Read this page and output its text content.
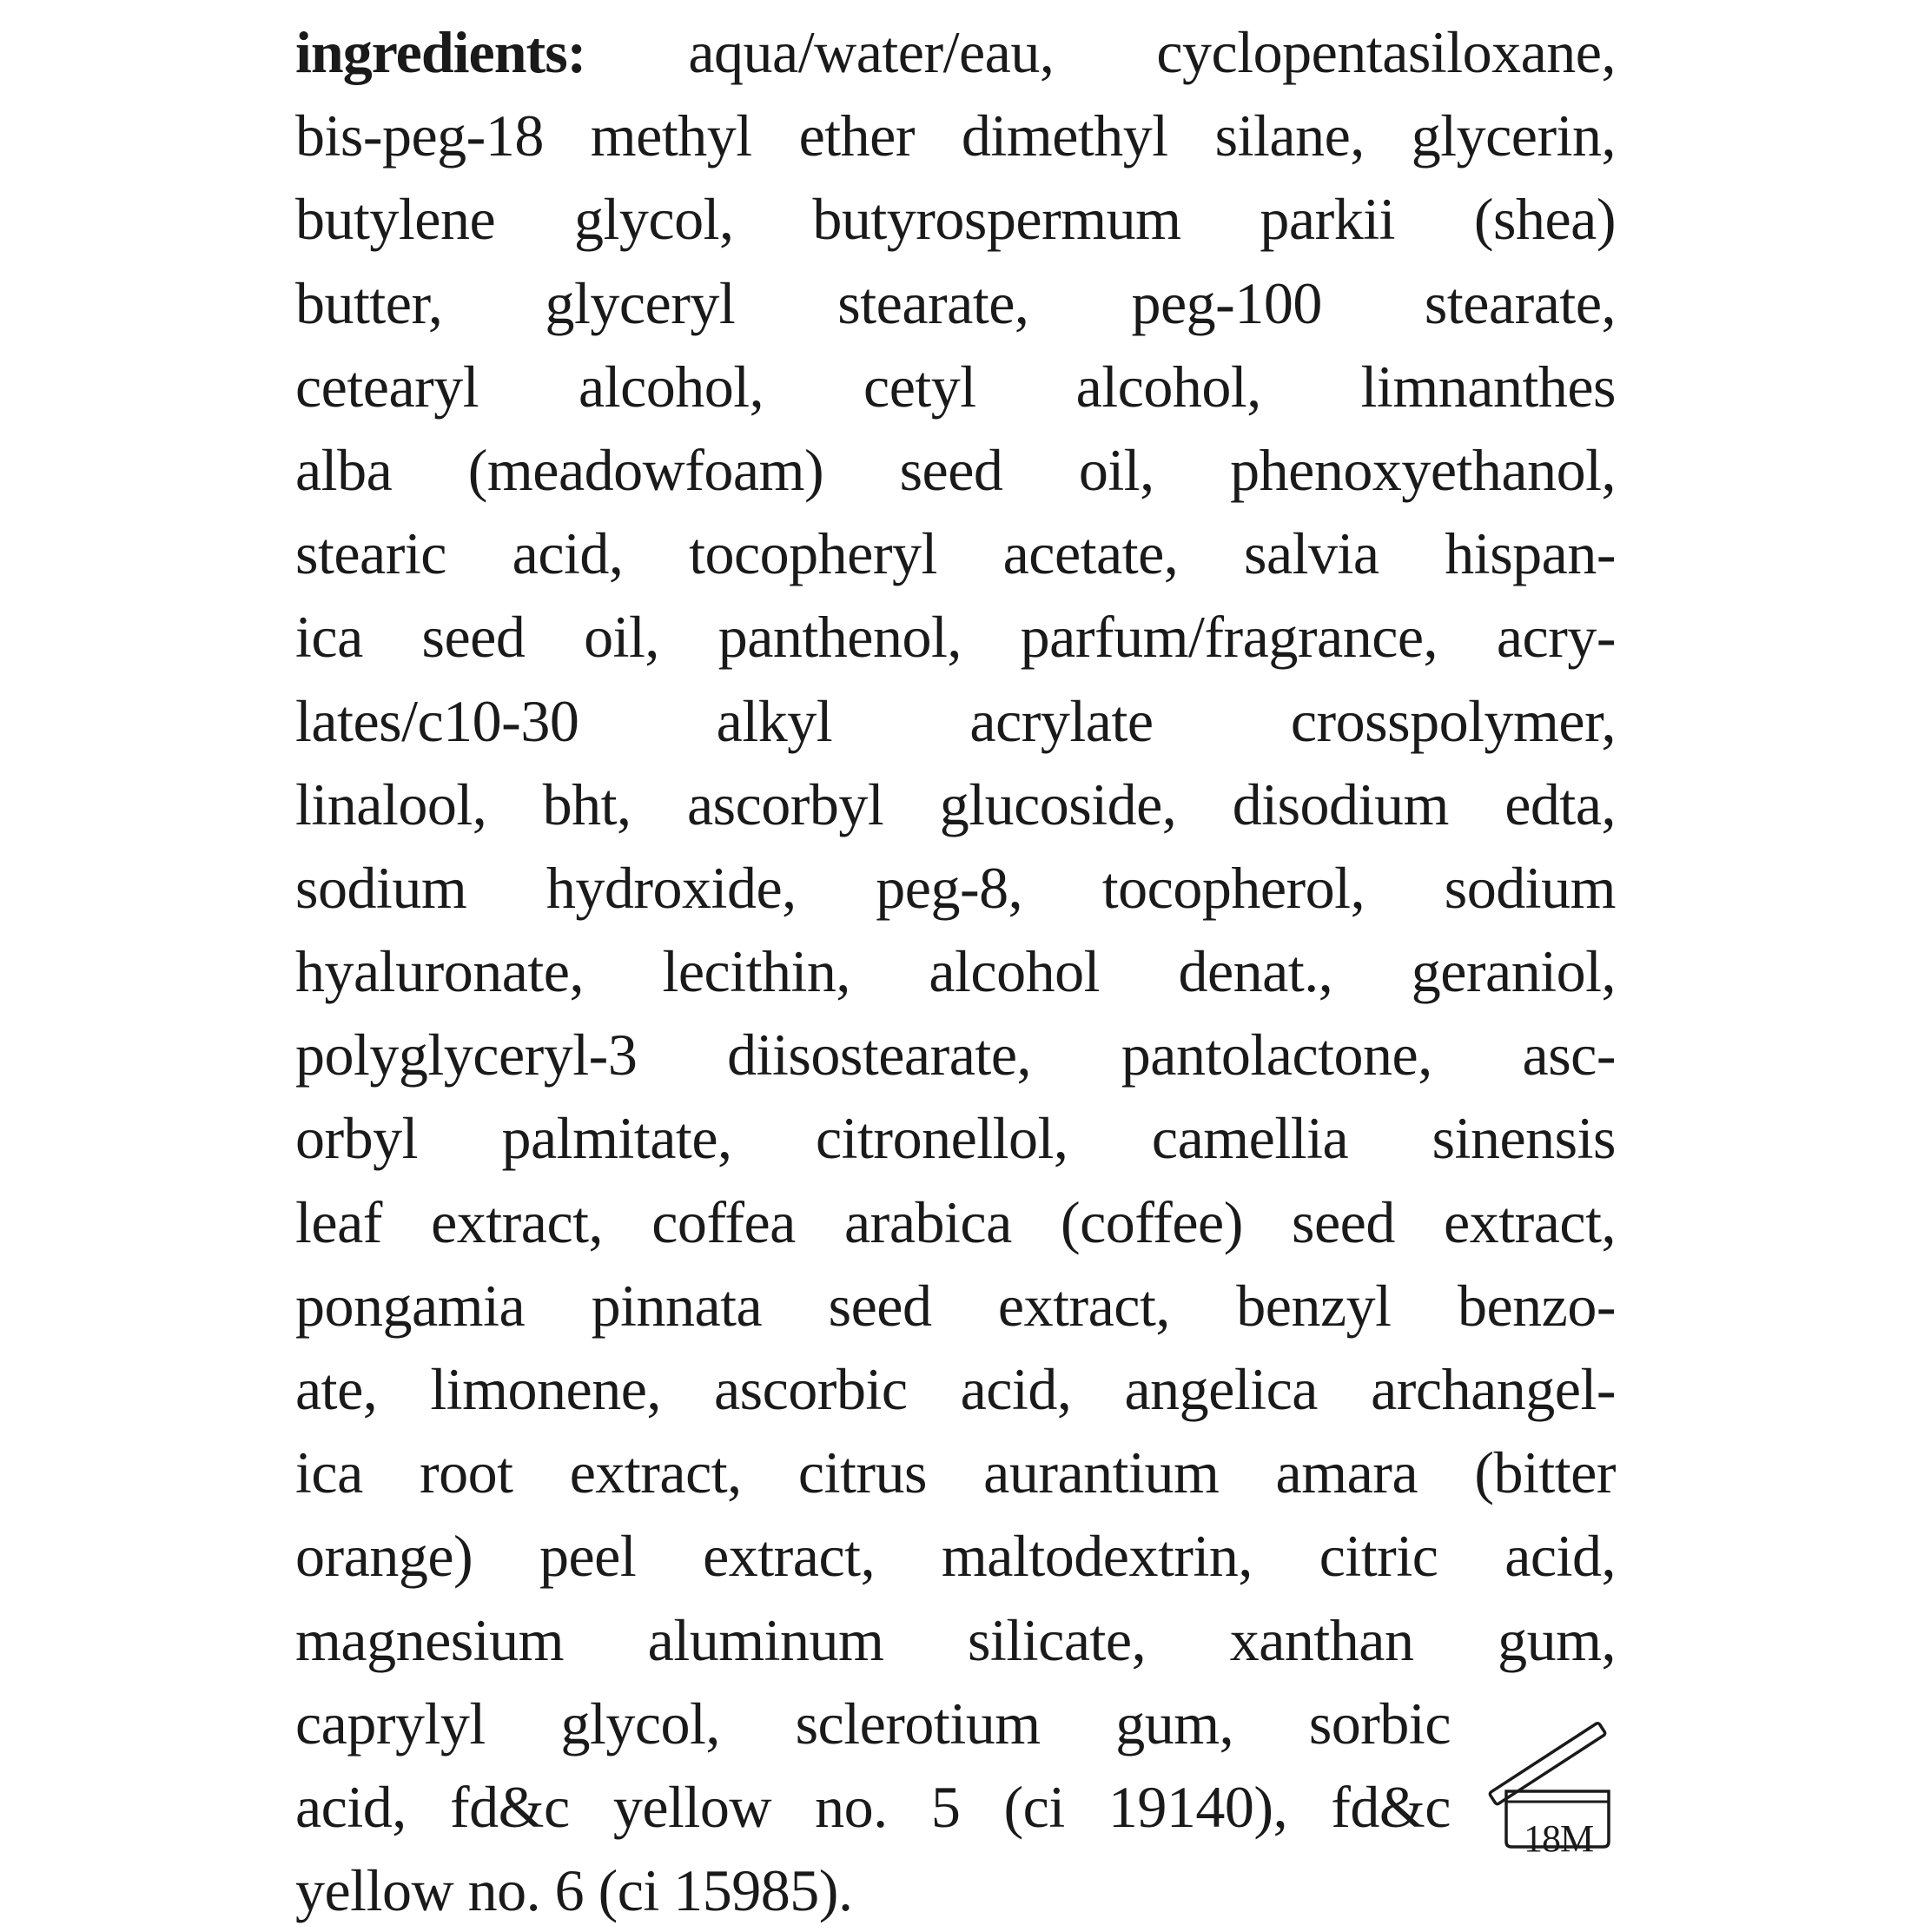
ingredients: aqua/water/eau, cyclopentasiloxane,
bis-peg-18 methyl ether dimethyl silane, glycerin,
butylene glycol, butyrospermum parkii (shea)
butter, glyceryl stearate, peg-100 stearate,
cetearyl alcohol, cetyl alcohol, limnanthes
alba (meadowfoam) seed oil, phenoxyethanol,
stearic acid, tocopheryl acetate, salvia hispan-
ica seed oil, panthenol, parfum/fragrance, acry-
lates/c10-30 alkyl acrylate crosspolymer,
linalool, bht, ascorbyl glucoside, disodium edta,
sodium hydroxide, peg-8, tocopherol, sodium
hyaluronate, lecithin, alcohol denat., geraniol,
polyglyceryl-3 diisostearate, pantolactone, asc-
orbyl palmitate, citronellol, camellia sinensis
leaf extract, coffea arabica (coffee) seed extract,
pongamia pinnata seed extract, benzyl benzo-
ate, limonene, ascorbic acid, angelica archangel-
ica root extract, citrus aurantium amara (bitter
orange) peel extract, maltodextrin, citric acid,
magnesium aluminum silicate, xanthan gum,
caprylyl glycol, sclerotium gum, sorbic
acid, fd&c yellow no. 5 (ci 19140), fd&c
yellow no. 6 (ci 15985).
18M
